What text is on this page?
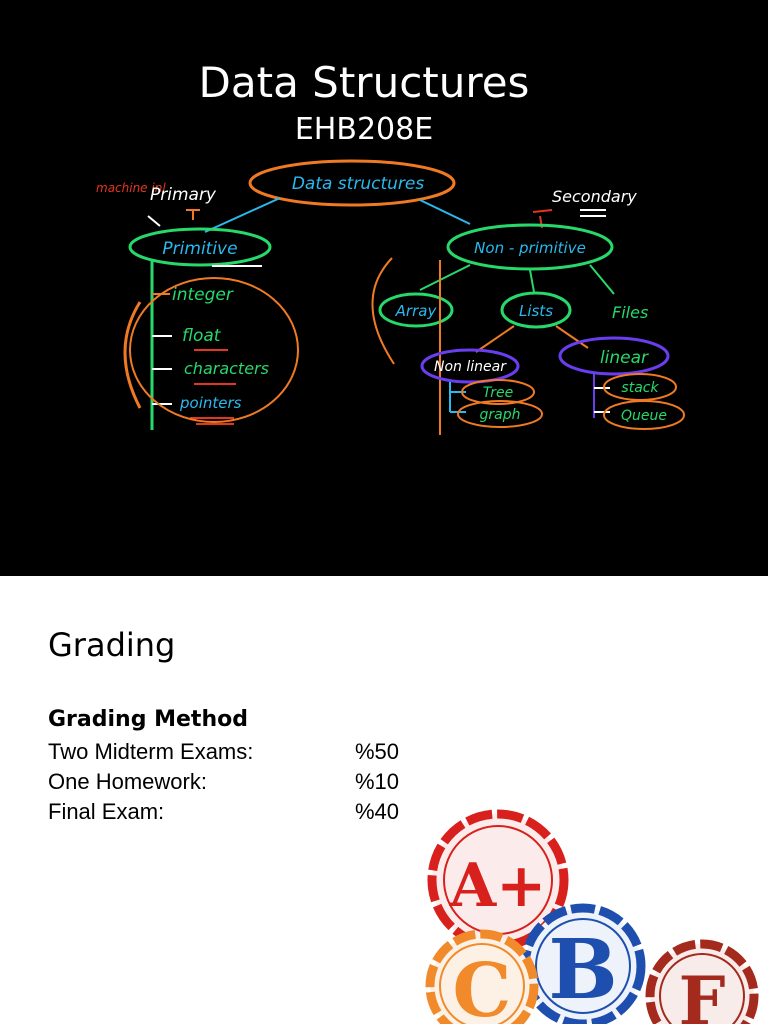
Data Structures
EHB208E
Data structures
machine inl
Primary	Secondary
Primitive
integer
float
characters
pointers
Non - primitive
Array	Lists	Files
Non linear	linear
Tree
graph
stack
Queue
Grading
Grading Method
Two Midterm Exams:	%50
One Homework:	%10
Final Exam:	%40
A+
B
C	F
